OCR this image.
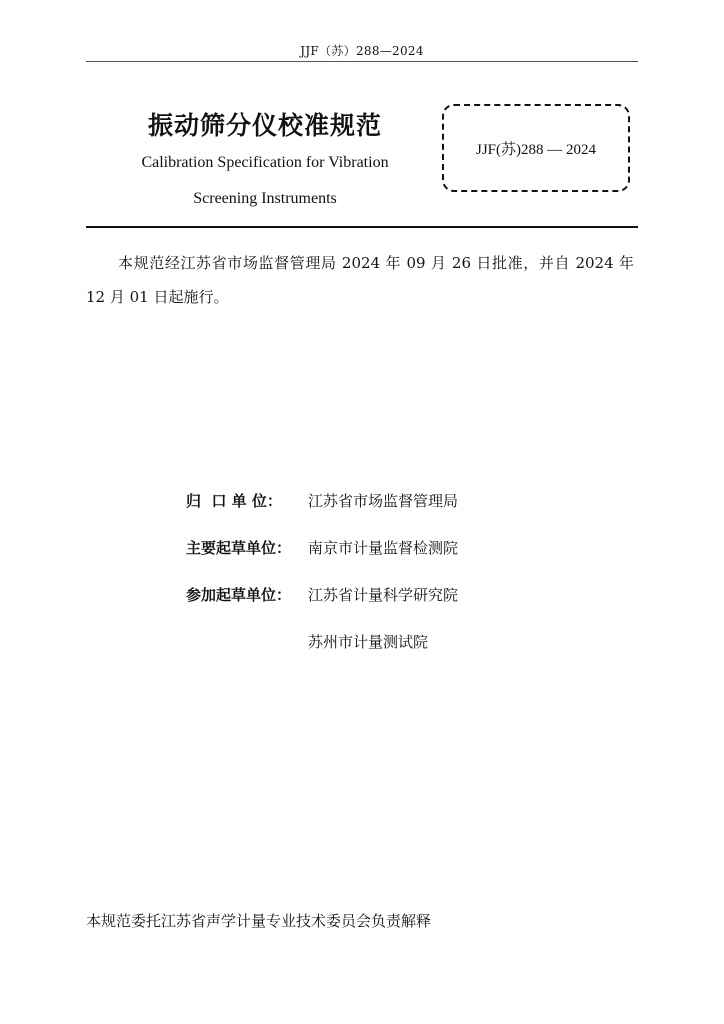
JJF（苏）288—2024
振动筛分仪校准规范
Calibration Specification for Vibration
Screening Instruments
JJF(苏)288 — 2024
本规范经江苏省市场监督管理局 2024 年 09 月 26 日批准，并自 2024 年 12 月 01 日起施行。
归  口 单 位：	江苏省市场监督管理局
主要起草单位：	南京市计量监督检测院
参加起草单位：	江苏省计量科学研究院
苏州市计量测试院
本规范委托江苏省声学计量专业技术委员会负责解释
